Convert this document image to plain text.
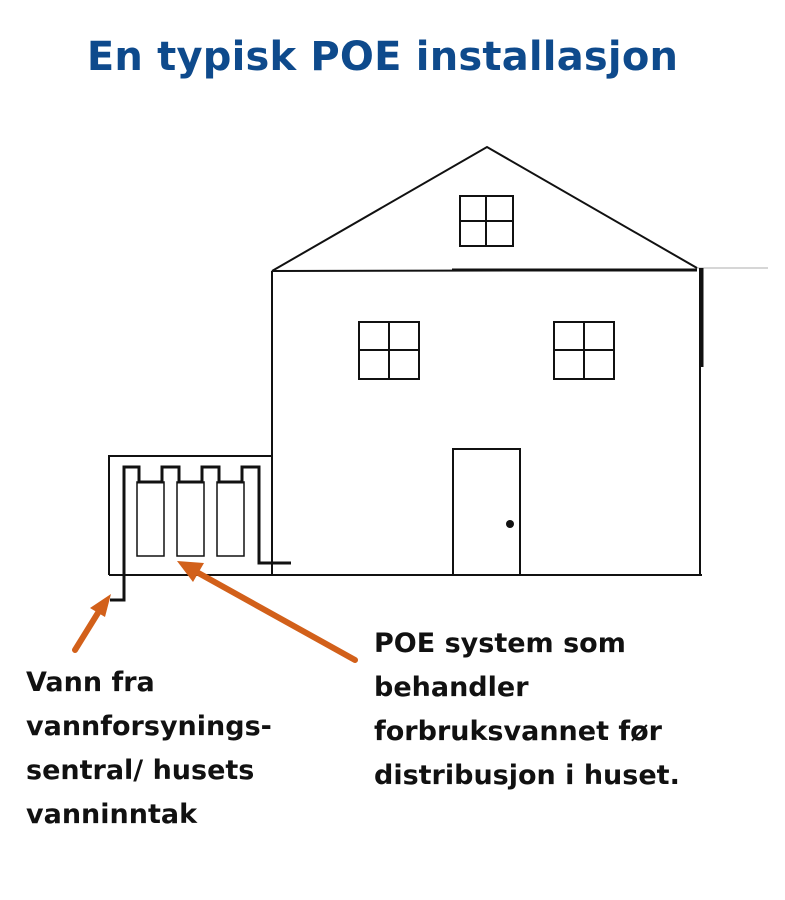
En typisk POE installasjon
Vann fra
vannforsynings-
sentral/ husets
vanninntak
POE system som
behandler
forbruksvannet før
distribusjon i huset.
